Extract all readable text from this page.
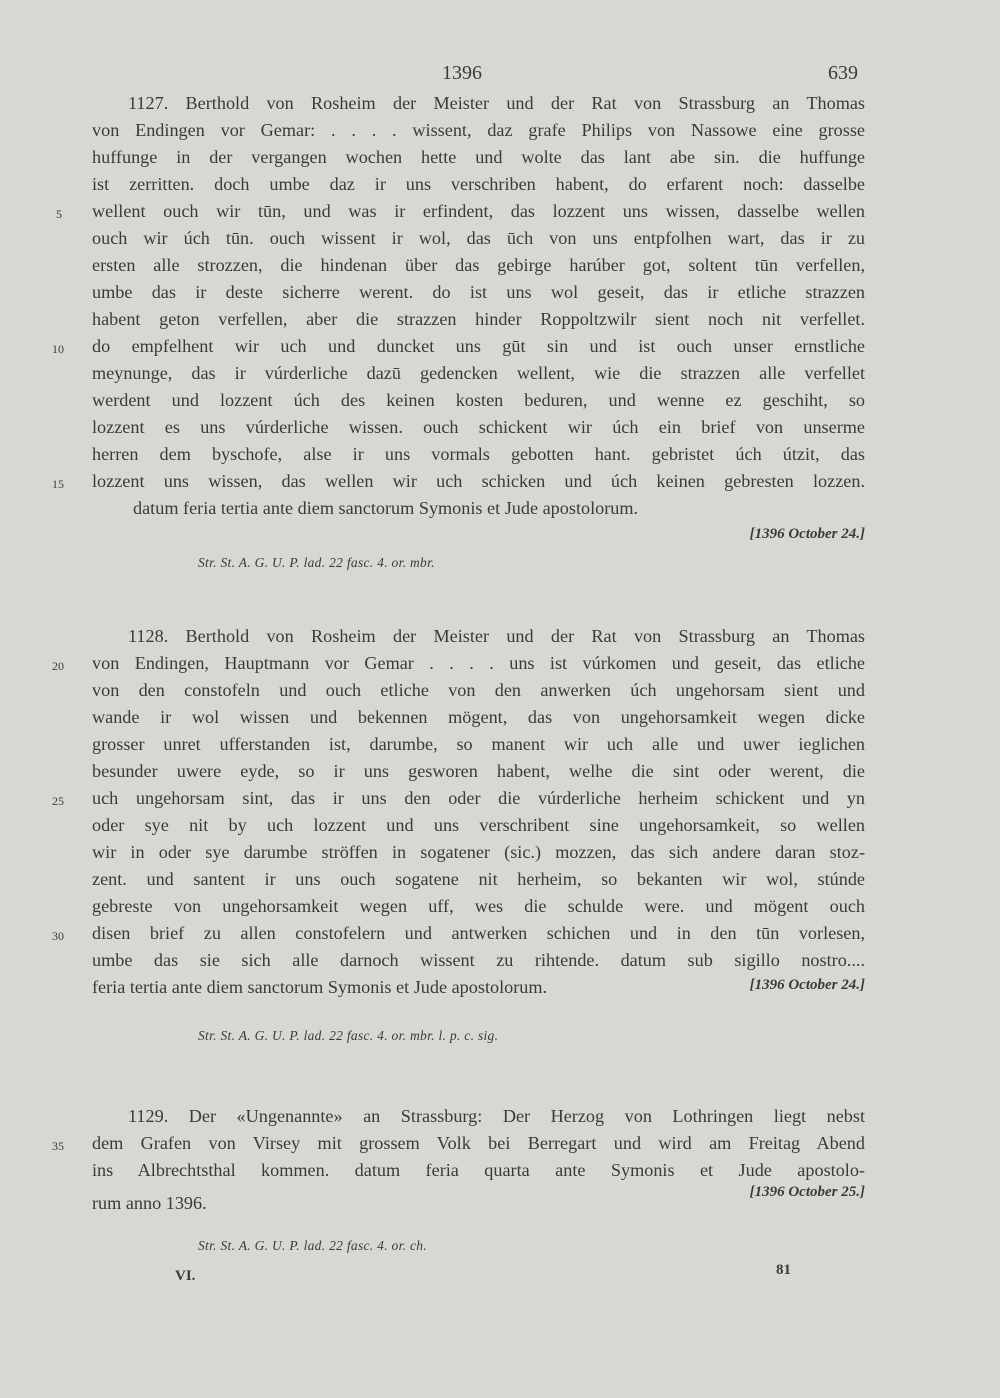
1396	639
1127. Berthold von Rosheim der Meister und der Rat von Strassburg an Thomas
von Endingen vor Gemar: . . . . wissent, daz grafe Philips von Nassowe eine grosse
huffunge in der vergangen wochen hette und wolte das lant abe sin. die huffunge
ist zerritten. doch umbe daz ir uns verschriben habent, do erfarent noch: dasselbe
wellent ouch wir tūn, und was ir erfindent, das lozzent uns wissen, dasselbe wellen
ouch wir úch tūn. ouch wissent ir wol, das ūch von uns entpfolhen wart, das ir zu
ersten alle strozzen, die hindenan über das gebirge harúber got, soltent tūn verfellen,
umbe das ir deste sicherre werent. do ist uns wol geseit, das ir etliche strazzen
habent geton verfellen, aber die strazzen hinder Roppoltzwilr sient noch nit verfellet.
do empfelhent wir uch und duncket uns gūt sin und ist ouch unser ernstliche
meynunge, das ir vúrderliche dazū gedencken wellent, wie die strazzen alle verfellet
werdent und lozzent úch des keinen kosten beduren, und wenne ez geschiht, so
lozzent es uns vúrderliche wissen. ouch schickent wir úch ein brief von unserme
herren dem byschofe, alse ir uns vormals gebotten hant. gebristet úch útzit, das
lozzent uns wissen, das wellen wir uch schicken und úch keinen gebresten lozzen.
datum feria tertia ante diem sanctorum Symonis et Jude apostolorum.
[1396 October 24.]
Str. St. A. G. U. P. lad. 22 fasc. 4. or. mbr.
1128. Berthold von Rosheim der Meister und der Rat von Strassburg an Thomas
von Endingen, Hauptmann vor Gemar . . . . uns ist vúrkomen und geseit, das etliche
von den constofeln und ouch etliche von den anwerken úch ungehorsam sient und
wande ir wol wissen und bekennen mögent, das von ungehorsamkeit wegen dicke
grosser unret ufferstanden ist, darumbe, so manent wir uch alle und uwer ieglichen
besunder uwere eyde, so ir uns gesworen habent, welhe die sint oder werent, die
uch ungehorsam sint, das ir uns den oder die vúrderliche herheim schickent und yn
oder sye nit by uch lozzent und uns verschribent sine ungehorsamkeit, so wellen
wir in oder sye darumbe ströffen in sogatener (sic.) mozzen, das sich andere daran stoz-
zent. und santent ir uns ouch sogatene nit herheim, so bekanten wir wol, stúnde
gebreste von ungehorsamkeit wegen uff, wes die schulde were. und mögent ouch
disen brief zu allen constofelern und antwerken schichen und in den tūn vorlesen,
umbe das sie sich alle darnoch wissent zu rihtende. datum sub sigillo nostro....
feria tertia ante diem sanctorum Symonis et Jude apostolorum.	[1396 October 24.]
Str. St. A. G. U. P. lad. 22 fasc. 4. or. mbr. l. p. c. sig.
1129. Der «Ungenannte» an Strassburg: Der Herzog von Lothringen liegt nebst
dem Grafen von Virsey mit grossem Volk bei Berregart und wird am Freitag Abend
ins Albrechtsthal kommen. datum feria quarta ante Symonis et Jude apostolo-
rum anno 1396.
[1396 October 25.]
Str. St. A. G. U. P. lad. 22 fasc. 4. or. ch.
5
10
15
20
25
30
35
VI.	81
